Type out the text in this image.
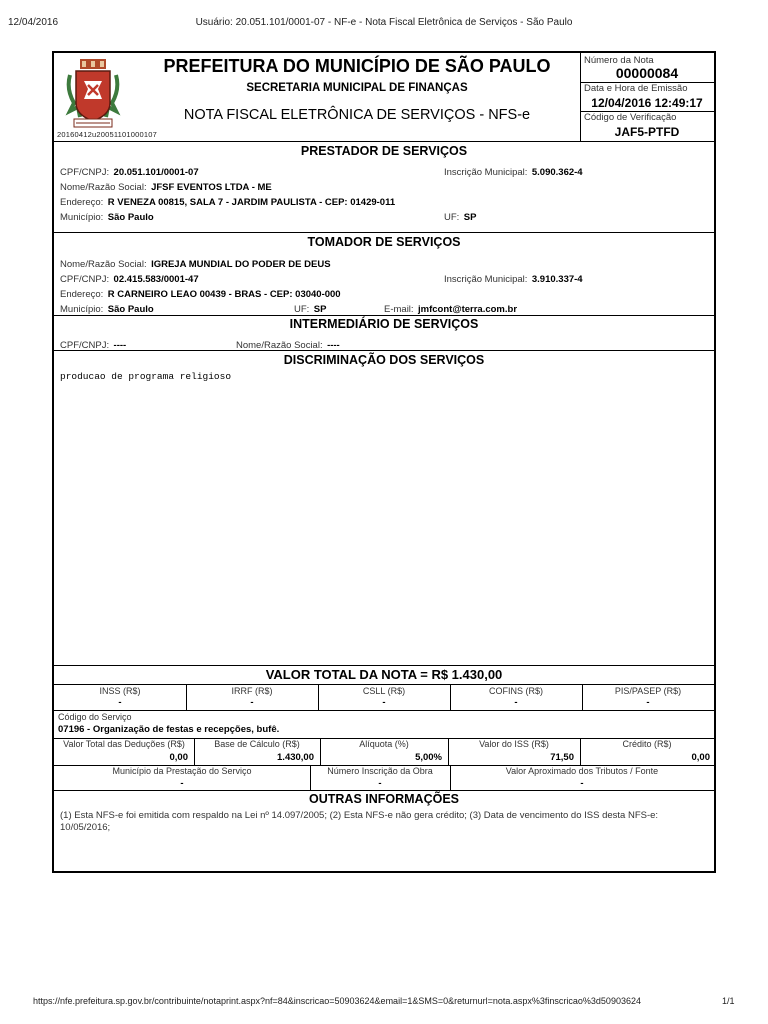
12/04/2016	Usuário: 20.051.101/0001-07 - NF-e - Nota Fiscal Eletrônica de Serviços - São Paulo
20160412u20051101000107
PREFEITURA DO MUNICÍPIO DE SÃO PAULO
SECRETARIA MUNICIPAL DE FINANÇAS
NOTA FISCAL ELETRÔNICA DE SERVIÇOS - NFS-e
Número da Nota
00000084
Data e Hora de Emissão
12/04/2016 12:49:17
Código de Verificação
JAF5-PTFD
PRESTADOR DE SERVIÇOS
CPF/CNPJ: 20.051.101/0001-07	Inscrição Municipal: 5.090.362-4
Nome/Razão Social: JFSF EVENTOS LTDA - ME
Endereço: R VENEZA 00815, SALA 7 - JARDIM PAULISTA - CEP: 01429-011
Município: São Paulo	UF: SP
TOMADOR DE SERVIÇOS
Nome/Razão Social: IGREJA MUNDIAL DO PODER DE DEUS
CPF/CNPJ: 02.415.583/0001-47	Inscrição Municipal: 3.910.337-4
Endereço: R CARNEIRO LEAO 00439 - BRAS - CEP: 03040-000
Município: São Paulo	UF: SP	E-mail: jmfcont@terra.com.br
INTERMEDIÁRIO DE SERVIÇOS
CPF/CNPJ: ----	Nome/Razão Social: ----
DISCRIMINAÇÃO DOS SERVIÇOS
producao de programa religioso
VALOR TOTAL DA NOTA = R$ 1.430,00
INSS (R$)
-
IRRF (R$)
-
CSLL (R$)
-
COFINS (R$)
-
PIS/PASEP (R$)
-
Código do Serviço
07196 - Organização de festas e recepções, bufê.
Valor Total das Deduções (R$)
0,00
Base de Cálculo (R$)
1.430,00
Alíquota (%)
5,00%
Valor do ISS (R$)
71,50
Crédito (R$)
0,00
Município da Prestação do Serviço
-
Número Inscrição da Obra
-
Valor Aproximado dos Tributos / Fonte
-
OUTRAS INFORMAÇÕES
(1) Esta NFS-e foi emitida com respaldo na Lei nº 14.097/2005; (2) Esta NFS-e não gera crédito; (3) Data de vencimento do ISS desta NFS-e: 10/05/2016;
https://nfe.prefeitura.sp.gov.br/contribuinte/notaprint.aspx?nf=84&inscricao=50903624&email=1&SMS=0&returnurl=nota.aspx%3finscricao%3d50903624	1/1
